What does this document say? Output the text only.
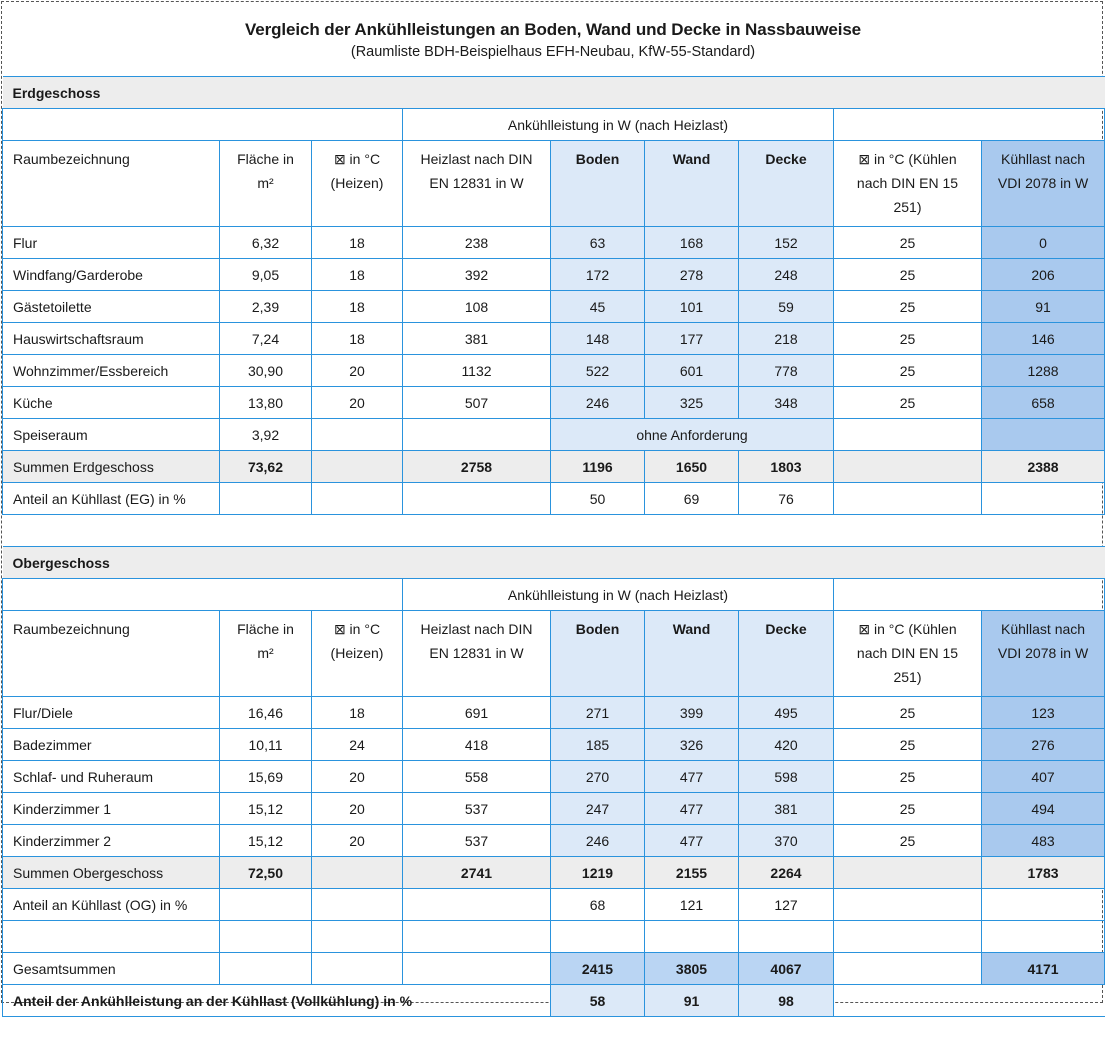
Vergleich der Ankühlleistungen an Boden, Wand und Decke in Nassbauweise
(Raumliste BDH-Beispielhaus EFH-Neubau, KfW-55-Standard)
Erdgeschoss								
			Ankühlleistung in W (nach Heizlast)					
Raumbezeichnung	Fläche in m²	⊠ in °C (Heizen)	Heizlast nach DIN EN 12831 in W	Boden	Wand	Decke	⊠ in °C (Kühlen nach DIN EN 15 251)	Kühllast nach VDI 2078 in W
Flur	6,32	18	238	63	168	152	25	0
Windfang/Garderobe	9,05	18	392	172	278	248	25	206
Gästetoilette	2,39	18	108	45	101	59	25	91
Hauswirtschaftsraum	7,24	18	381	148	177	218	25	146
Wohnzimmer/Essbereich	30,90	20	1132	522	601	778	25	1288
Küche	13,80	20	507	246	325	348	25	658
Speiseraum	3,92			ohne Anforderung				
Summen Erdgeschoss	73,62		2758	1196	1650	1803		2388
Anteil an Kühllast (EG) in %				50	69	76		

Obergeschoss								
			Ankühlleistung in W (nach Heizlast)					
Raumbezeichnung	Fläche in m²	⊠ in °C (Heizen)	Heizlast nach DIN EN 12831 in W	Boden	Wand	Decke	⊠ in °C (Kühlen nach DIN EN 15 251)	Kühllast nach VDI 2078 in W
Flur/Diele	16,46	18	691	271	399	495	25	123
Badezimmer	10,11	24	418	185	326	420	25	276
Schlaf- und Ruheraum	15,69	20	558	270	477	598	25	407
Kinderzimmer 1	15,12	20	537	247	477	381	25	494
Kinderzimmer 2	15,12	20	537	246	477	370	25	483
Summen Obergeschoss	72,50		2741	1219	2155	2264		1783
Anteil an Kühllast (OG) in %				68	121	127		

Gesamtsummen				2415	3805	4067		4171
Anteil der Ankühlleistung an der Kühllast (Vollkühlung) in %				58	91	98		
